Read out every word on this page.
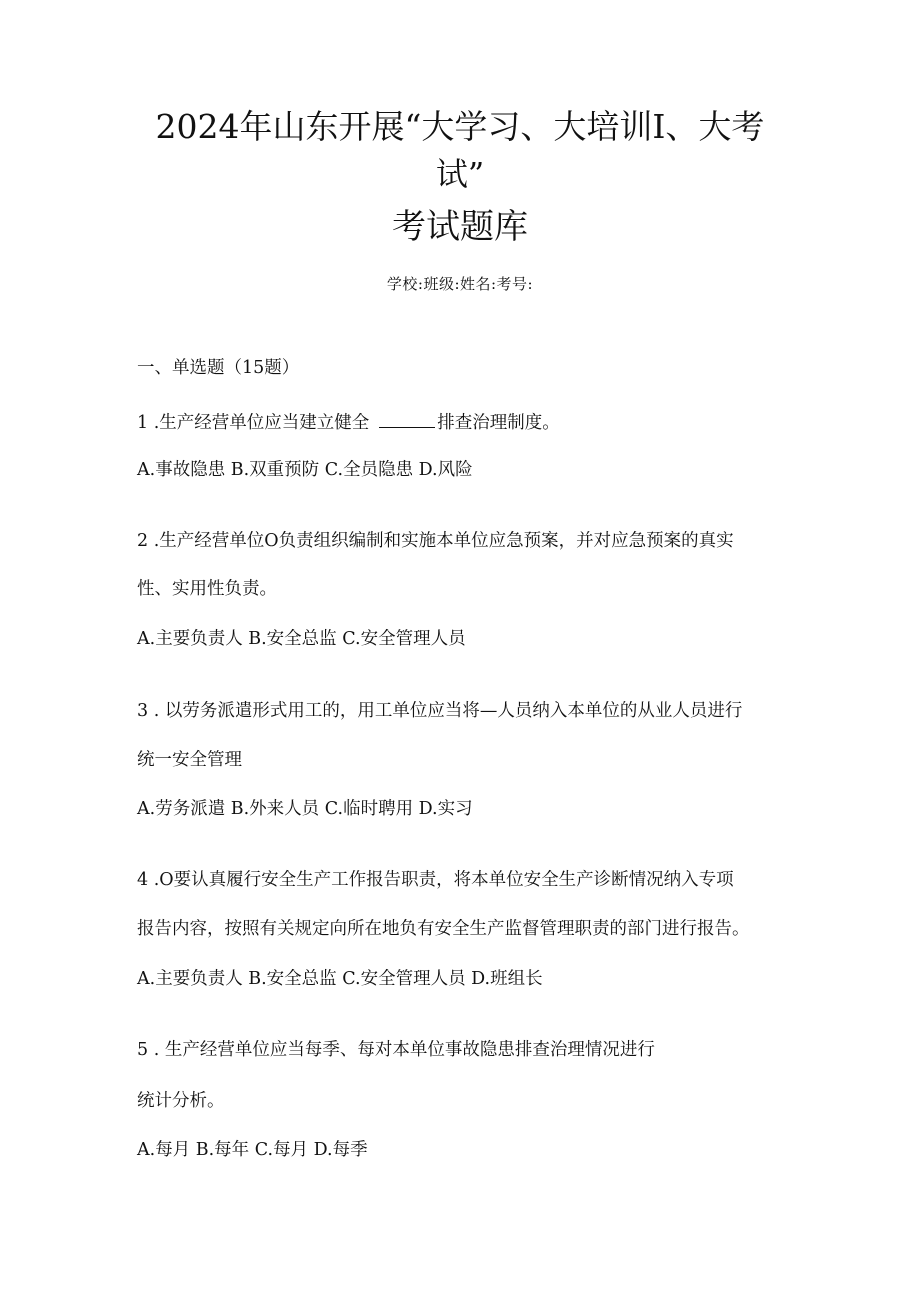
2024年山东开展“大学习、大培训I、大考
试”
考试题库
学校:班级:姓名:考号:
一、单选题（15题）
1 .生产经营单位应当建立健全	排查治理制度。
A.事故隐患 B.双重预防 C.全员隐患 D.风险
2 .生产经营单位O负责组织编制和实施本单位应急预案，并对应急预案的真实
性、实用性负责。
A.主要负责人 B.安全总监 C.安全管理人员
3 . 以劳务派遣形式用工的，用工单位应当将—人员纳入本单位的从业人员进行
统一安全管理
A.劳务派遣 B.外来人员 C.临时聘用 D.实习
4 .O要认真履行安全生产工作报告职责，将本单位安全生产诊断情况纳入专项
报告内容，按照有关规定向所在地负有安全生产监督管理职责的部门进行报告。
A.主要负责人 B.安全总监 C.安全管理人员 D.班组长
5 . 生产经营单位应当每季、每对本单位事故隐患排查治理情况进行
统计分析。
A.每月 B.每年 C.每月 D.每季
